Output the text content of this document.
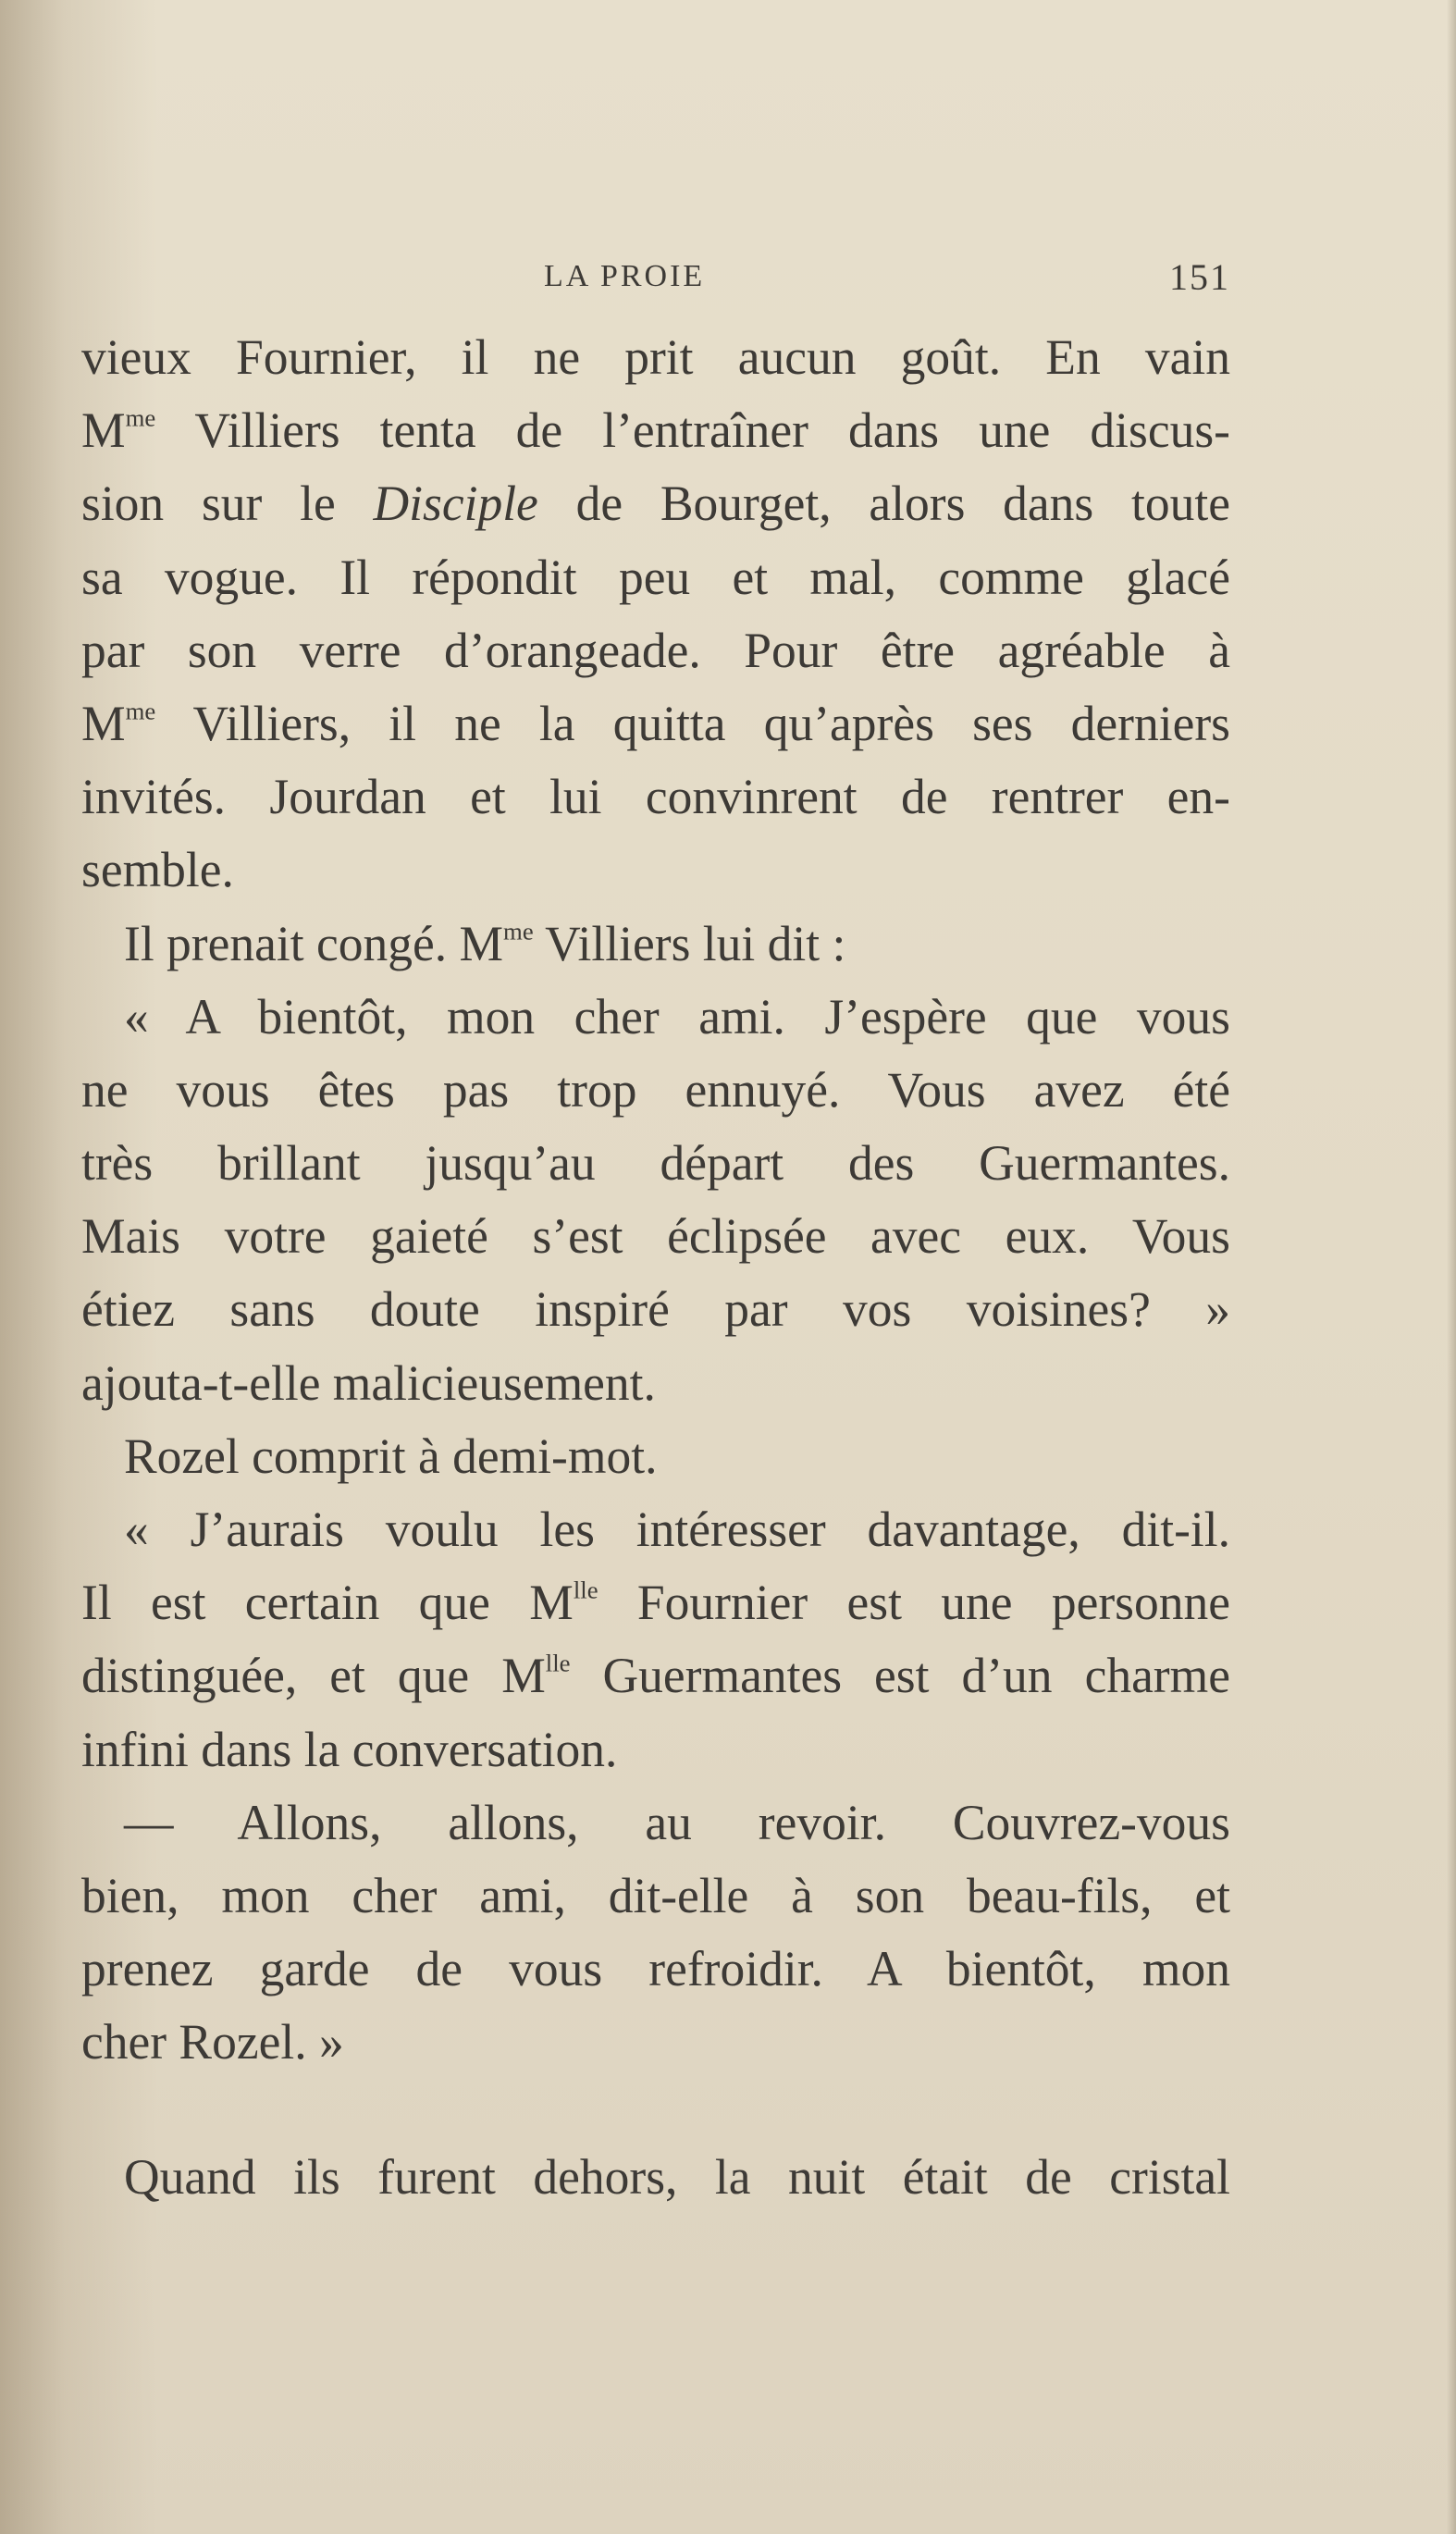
LA PROIE	151
vieux Fournier, il ne prit aucun goût. En vain
$M^{me}$ Villiers tenta de l’entraîner dans une discus-
sion sur le Disciple de Bourget, alors dans toute
sa vogue. Il répondit peu et mal, comme glacé
par son verre d’orangeade. Pour être agréable à
$M^{me}$ Villiers, il ne la quitta qu’après ses derniers
invités. Jourdan et lui convinrent de rentrer en-
semble.
Il prenait congé. $M^{me}$ Villiers lui dit :
« A bientôt, mon cher ami. J’espère que vous
ne vous êtes pas trop ennuyé. Vous avez été
très brillant jusqu’au départ des Guermantes.
Mais votre gaieté s’est éclipsée avec eux. Vous
étiez sans doute inspiré par vos voisines? »
ajouta-t-elle malicieusement.
Rozel comprit à demi-mot.
« J’aurais voulu les intéresser davantage, dit-il.
Il est certain que $M^{lle}$ Fournier est une personne
distinguée, et que $M^{lle}$ Guermantes est d’un charme
infini dans la conversation.
— Allons, allons, au revoir. Couvrez-vous
bien, mon cher ami, dit-elle à son beau-fils, et
prenez garde de vous refroidir. A bientôt, mon
cher Rozel. »
Quand ils furent dehors, la nuit était de cristal
